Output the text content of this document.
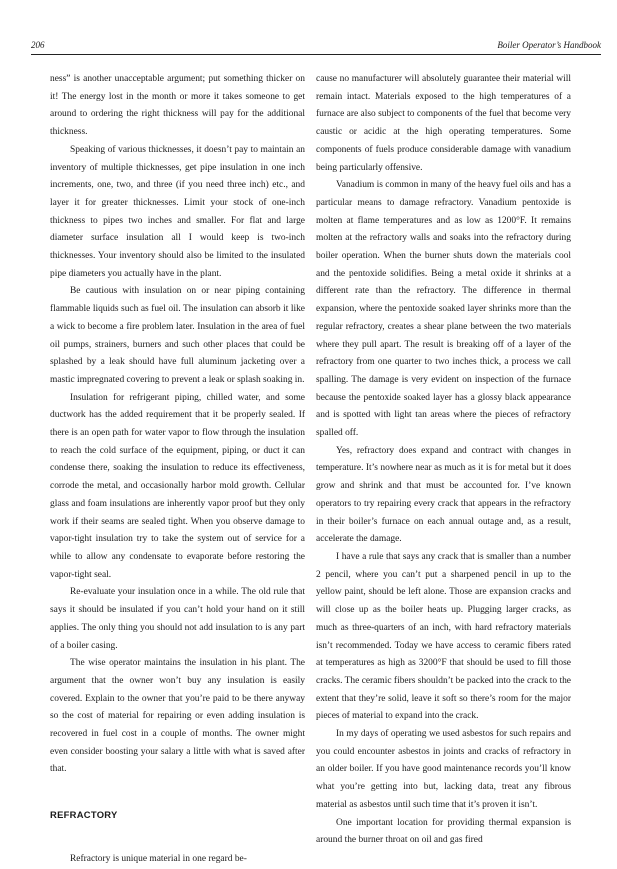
206	Boiler Operator’s Handbook

ness” is another unacceptable argument; put something thicker on it! The energy lost in the month or more it takes someone to get around to ordering the right thickness will pay for the additional thickness.

Speaking of various thicknesses, it doesn’t pay to maintain an inventory of multiple thicknesses, get pipe insulation in one inch increments, one, two, and three (if you need three inch) etc., and layer it for greater thicknesses. Limit your stock of one-inch thickness to pipes two inches and smaller. For flat and large diameter surface insulation all I would keep is two-inch thicknesses. Your inventory should also be limited to the insulated pipe diameters you actually have in the plant.

Be cautious with insulation on or near piping containing flammable liquids such as fuel oil. The insulation can absorb it like a wick to become a fire problem later. Insulation in the area of fuel oil pumps, strainers, burners and such other places that could be splashed by a leak should have full aluminum jacketing over a mastic impregnated covering to prevent a leak or splash soaking in.

Insulation for refrigerant piping, chilled water, and some ductwork has the added requirement that it be properly sealed. If there is an open path for water vapor to flow through the insulation to reach the cold surface of the equipment, piping, or duct it can condense there, soaking the insulation to reduce its effectiveness, corrode the metal, and occasionally harbor mold growth. Cellular glass and foam insulations are inherently vapor proof but they only work if their seams are sealed tight. When you observe damage to vapor-tight insulation try to take the system out of service for a while to allow any condensate to evaporate before restoring the vapor-tight seal.

Re-evaluate your insulation once in a while. The old rule that says it should be insulated if you can’t hold your hand on it still applies. The only thing you should not add insulation to is any part of a boiler casing.

The wise operator maintains the insulation in his plant. The argument that the owner won’t buy any insulation is easily covered. Explain to the owner that you’re paid to be there anyway so the cost of material for repairing or even adding insulation is recovered in fuel cost in a couple of months. The owner might even consider boosting your salary a little with what is saved after that.

REFRACTORY

Refractory is unique material in one regard be-

cause no manufacturer will absolutely guarantee their material will remain intact. Materials exposed to the high temperatures of a furnace are also subject to components of the fuel that become very caustic or acidic at the high operating temperatures. Some components of fuels produce considerable damage with vanadium being particularly offensive.

Vanadium is common in many of the heavy fuel oils and has a particular means to damage refractory. Vanadium pentoxide is molten at flame temperatures and as low as 1200°F. It remains molten at the refractory walls and soaks into the refractory during boiler operation. When the burner shuts down the materials cool and the pentoxide solidifies. Being a metal oxide it shrinks at a different rate than the refractory. The difference in thermal expansion, where the pentoxide soaked layer shrinks more than the regular refractory, creates a shear plane between the two materials where they pull apart. The result is breaking off of a layer of the refractory from one quarter to two inches thick, a process we call spalling. The damage is very evident on inspection of the furnace because the pentoxide soaked layer has a glossy black appearance and is spotted with light tan areas where the pieces of refractory spalled off.

Yes, refractory does expand and contract with changes in temperature. It’s nowhere near as much as it is for metal but it does grow and shrink and that must be accounted for. I’ve known operators to try repairing every crack that appears in the refractory in their boiler’s furnace on each annual outage and, as a result, accelerate the damage.

I have a rule that says any crack that is smaller than a number 2 pencil, where you can’t put a sharpened pencil in up to the yellow paint, should be left alone. Those are expansion cracks and will close up as the boiler heats up. Plugging larger cracks, as much as three-quarters of an inch, with hard refractory materials isn’t recommended. Today we have access to ceramic fibers rated at temperatures as high as 3200°F that should be used to fill those cracks. The ceramic fibers shouldn’t be packed into the crack to the extent that they’re solid, leave it soft so there’s room for the major pieces of material to expand into the crack.

In my days of operating we used asbestos for such repairs and you could encounter asbestos in joints and cracks of refractory in an older boiler. If you have good maintenance records you’ll know what you’re getting into but, lacking data, treat any fibrous material as asbestos until such time that it’s proven it isn’t.

One important location for providing thermal expansion is around the burner throat on oil and gas fired
